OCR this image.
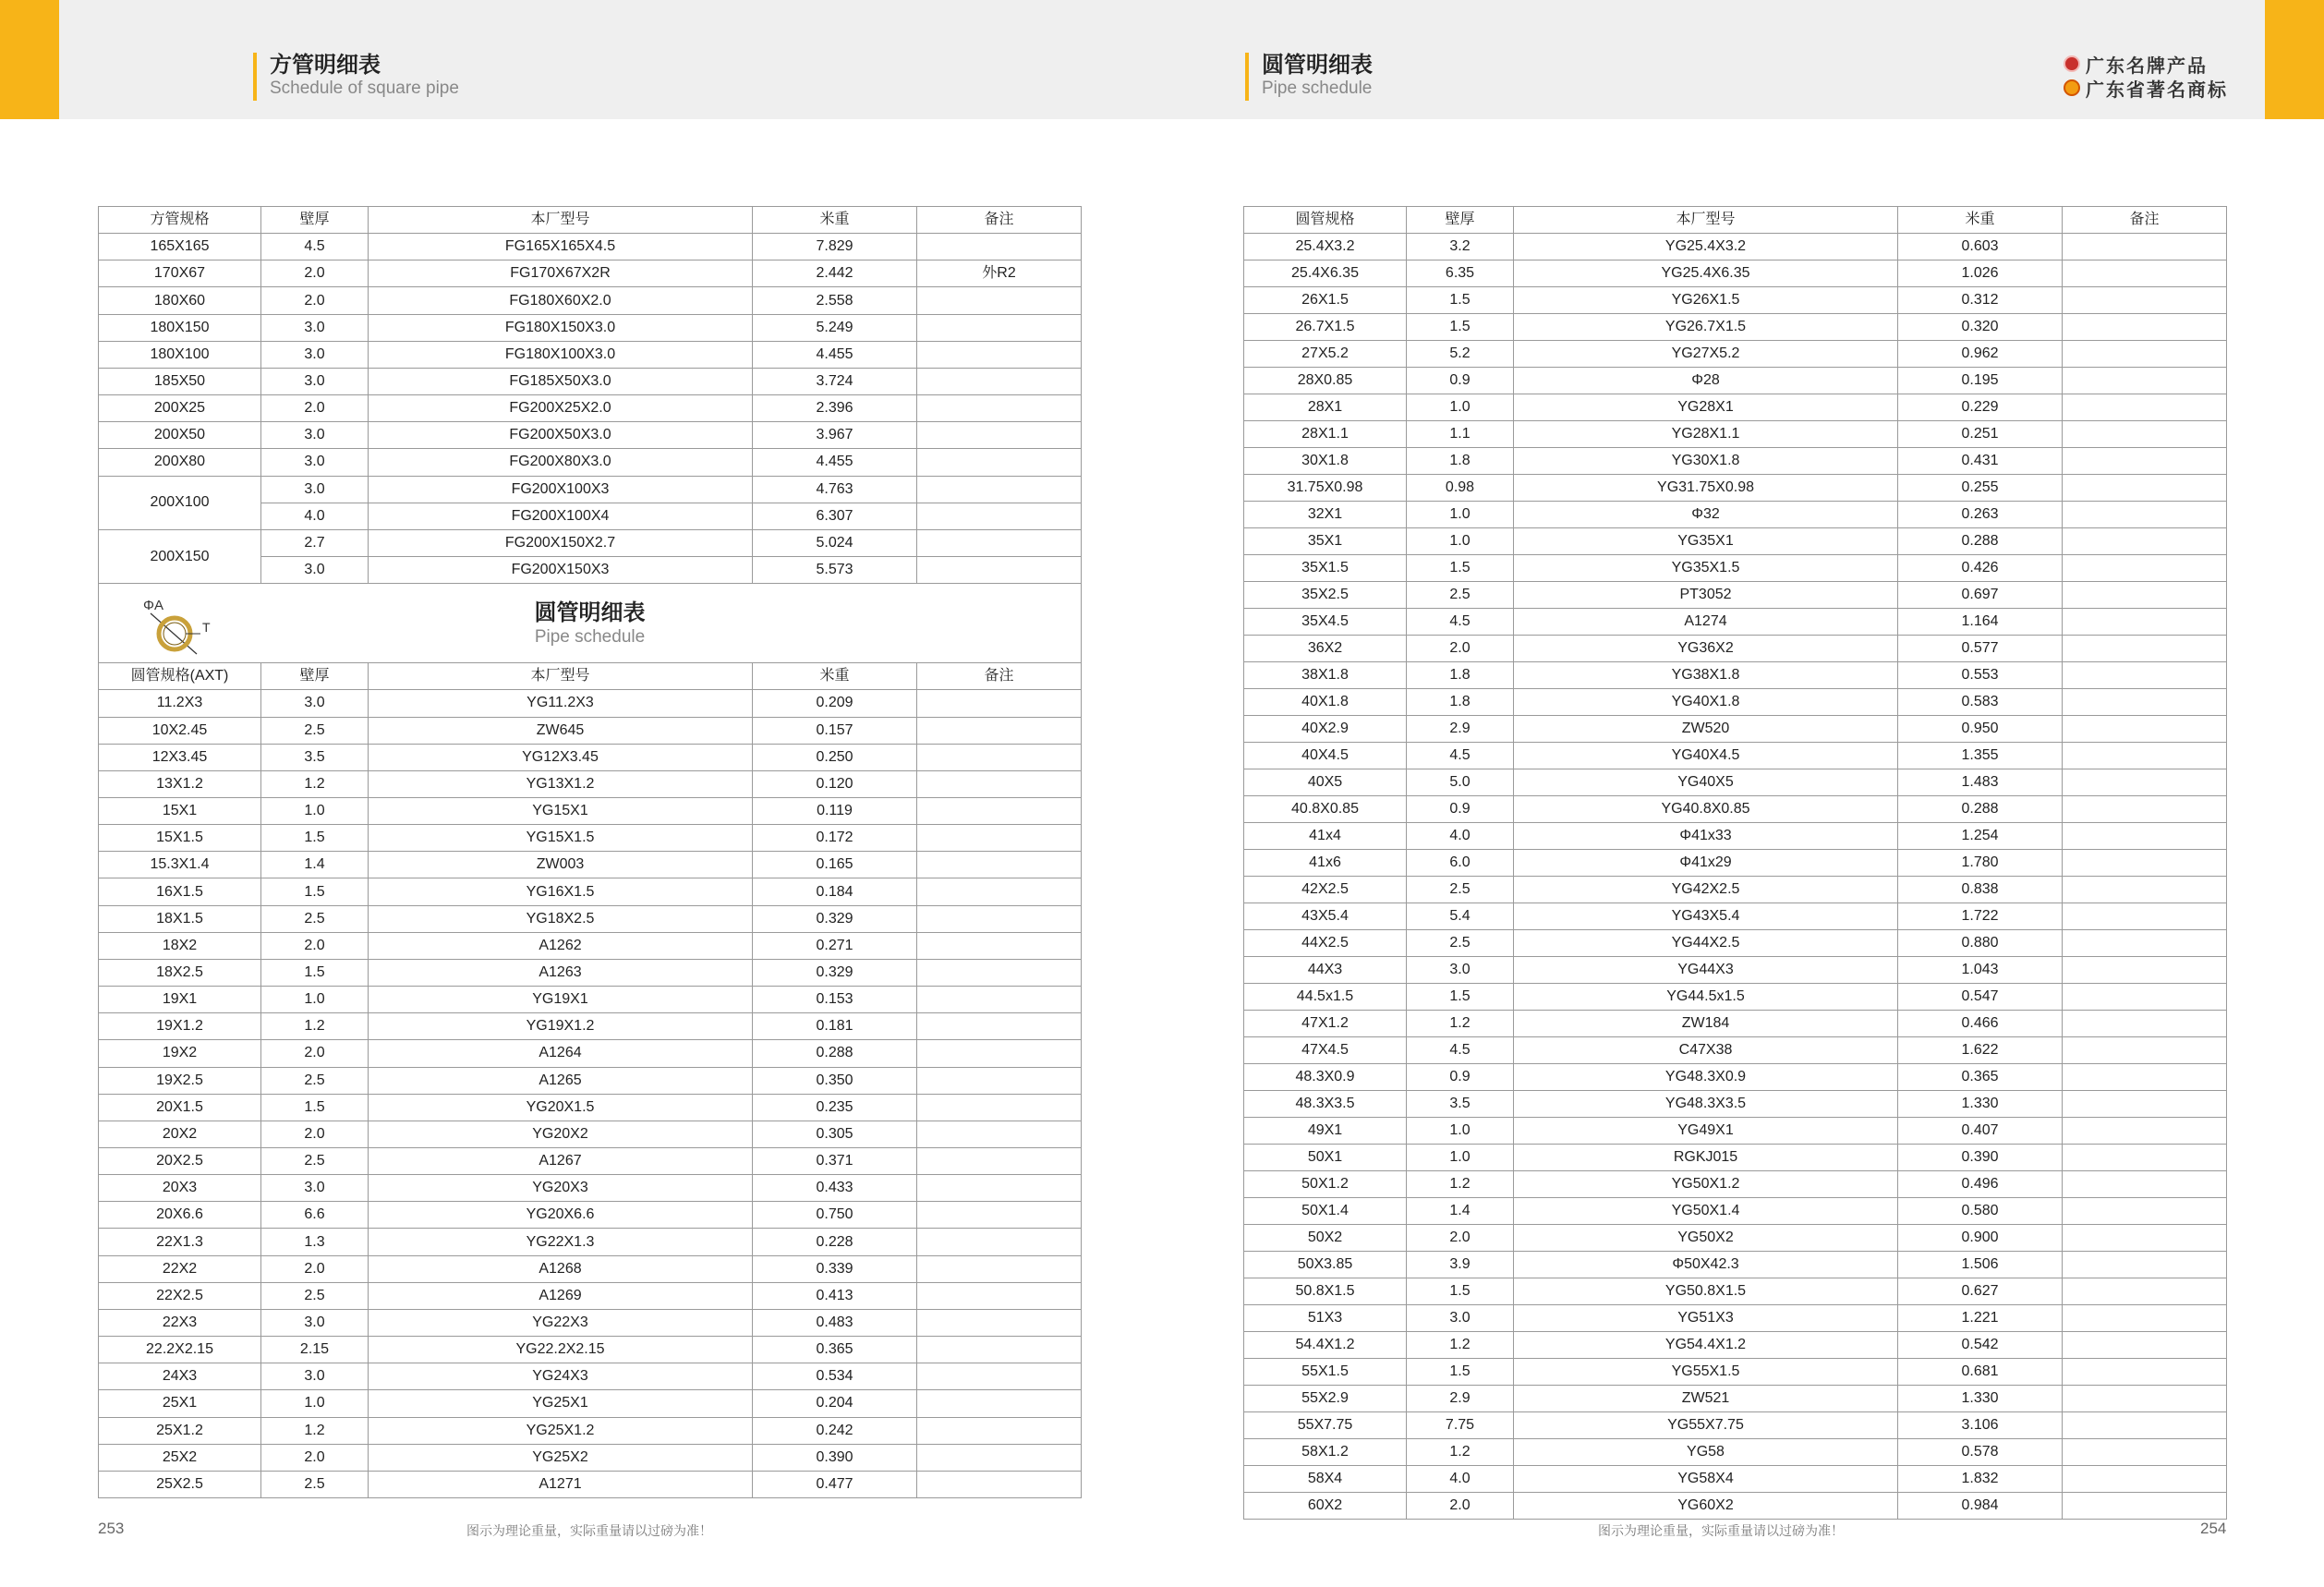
方管明细表
Schedule of square pipe
圆管明细表
Pipe schedule
广东名牌产品
广东省著名商标
方管规格	壁厚	本厂型号	米重	备注
165X165	4.5	FG165X165X4.5	7.829	
170X67	2.0	FG170X67X2R	2.442	外R2
180X60	2.0	FG180X60X2.0	2.558	
180X150	3.0	FG180X150X3.0	5.249	
180X100	3.0	FG180X100X3.0	4.455	
185X50	3.0	FG185X50X3.0	3.724	
200X25	2.0	FG200X25X2.0	2.396	
200X50	3.0	FG200X50X3.0	3.967	
200X80	3.0	FG200X80X3.0	4.455	
200X100	3.0	FG200X100X3	4.763	
	4.0	FG200X100X4	6.307	
200X150	2.7	FG200X150X2.7	5.024	
	3.0	FG200X150X3	5.573	

ΦA
T
圆管明细表
Pipe schedule				

圆管规格(AXT)	壁厚	本厂型号	米重	备注
11.2X3	3.0	YG11.2X3	0.209	
10X2.45	2.5	ZW645	0.157	
12X3.45	3.5	YG12X3.45	0.250	
13X1.2	1.2	YG13X1.2	0.120	
15X1	1.0	YG15X1	0.119	
15X1.5	1.5	YG15X1.5	0.172	
15.3X1.4	1.4	ZW003	0.165	
16X1.5	1.5	YG16X1.5	0.184	
18X1.5	2.5	YG18X2.5	0.329	
18X2	2.0	A1262	0.271	
18X2.5	1.5	A1263	0.329	
19X1	1.0	YG19X1	0.153	
19X1.2	1.2	YG19X1.2	0.181	
19X2	2.0	A1264	0.288	
19X2.5	2.5	A1265	0.350	
20X1.5	1.5	YG20X1.5	0.235	
20X2	2.0	YG20X2	0.305	
20X2.5	2.5	A1267	0.371	
20X3	3.0	YG20X3	0.433	
20X6.6	6.6	YG20X6.6	0.750	
22X1.3	1.3	YG22X1.3	0.228	
22X2	2.0	A1268	0.339	
22X2.5	2.5	A1269	0.413	
22X3	3.0	YG22X3	0.483	
22.2X2.15	2.15	YG22.2X2.15	0.365	
24X3	3.0	YG24X3	0.534	
25X1	1.0	YG25X1	0.204	
25X1.2	1.2	YG25X1.2	0.242	
25X2	2.0	YG25X2	0.390	
25X2.5	2.5	A1271	0.477	
圆管规格	壁厚	本厂型号	米重	备注
25.4X3.2	3.2	YG25.4X3.2	0.603	
25.4X6.35	6.35	YG25.4X6.35	1.026	
26X1.5	1.5	YG26X1.5	0.312	
26.7X1.5	1.5	YG26.7X1.5	0.320	
27X5.2	5.2	YG27X5.2	0.962	
28X0.85	0.9	Φ28	0.195	
28X1	1.0	YG28X1	0.229	
28X1.1	1.1	YG28X1.1	0.251	
30X1.8	1.8	YG30X1.8	0.431	
31.75X0.98	0.98	YG31.75X0.98	0.255	
32X1	1.0	Φ32	0.263	
35X1	1.0	YG35X1	0.288	
35X1.5	1.5	YG35X1.5	0.426	
35X2.5	2.5	PT3052	0.697	
35X4.5	4.5	A1274	1.164	
36X2	2.0	YG36X2	0.577	
38X1.8	1.8	YG38X1.8	0.553	
40X1.8	1.8	YG40X1.8	0.583	
40X2.9	2.9	ZW520	0.950	
40X4.5	4.5	YG40X4.5	1.355	
40X5	5.0	YG40X5	1.483	
40.8X0.85	0.9	YG40.8X0.85	0.288	
41x4	4.0	Φ41x33	1.254	
41x6	6.0	Φ41x29	1.780	
42X2.5	2.5	YG42X2.5	0.838	
43X5.4	5.4	YG43X5.4	1.722	
44X2.5	2.5	YG44X2.5	0.880	
44X3	3.0	YG44X3	1.043	
44.5x1.5	1.5	YG44.5x1.5	0.547	
47X1.2	1.2	ZW184	0.466	
47X4.5	4.5	C47X38	1.622	
48.3X0.9	0.9	YG48.3X0.9	0.365	
48.3X3.5	3.5	YG48.3X3.5	1.330	
49X1	1.0	YG49X1	0.407	
50X1	1.0	RGKJ015	0.390	
50X1.2	1.2	YG50X1.2	0.496	
50X1.4	1.4	YG50X1.4	0.580	
50X2	2.0	YG50X2	0.900	
50X3.85	3.9	Φ50X42.3	1.506	
50.8X1.5	1.5	YG50.8X1.5	0.627	
51X3	3.0	YG51X3	1.221	
54.4X1.2	1.2	YG54.4X1.2	0.542	
55X1.5	1.5	YG55X1.5	0.681	
55X2.9	2.9	ZW521	1.330	
55X7.75	7.75	YG55X7.75	3.106	
58X1.2	1.2	YG58	0.578	
58X4	4.0	YG58X4	1.832	
60X2	2.0	YG60X2	0.984	
253	图示为理论重量，实际重量请以过磅为准！	图示为理论重量，实际重量请以过磅为准！	254
